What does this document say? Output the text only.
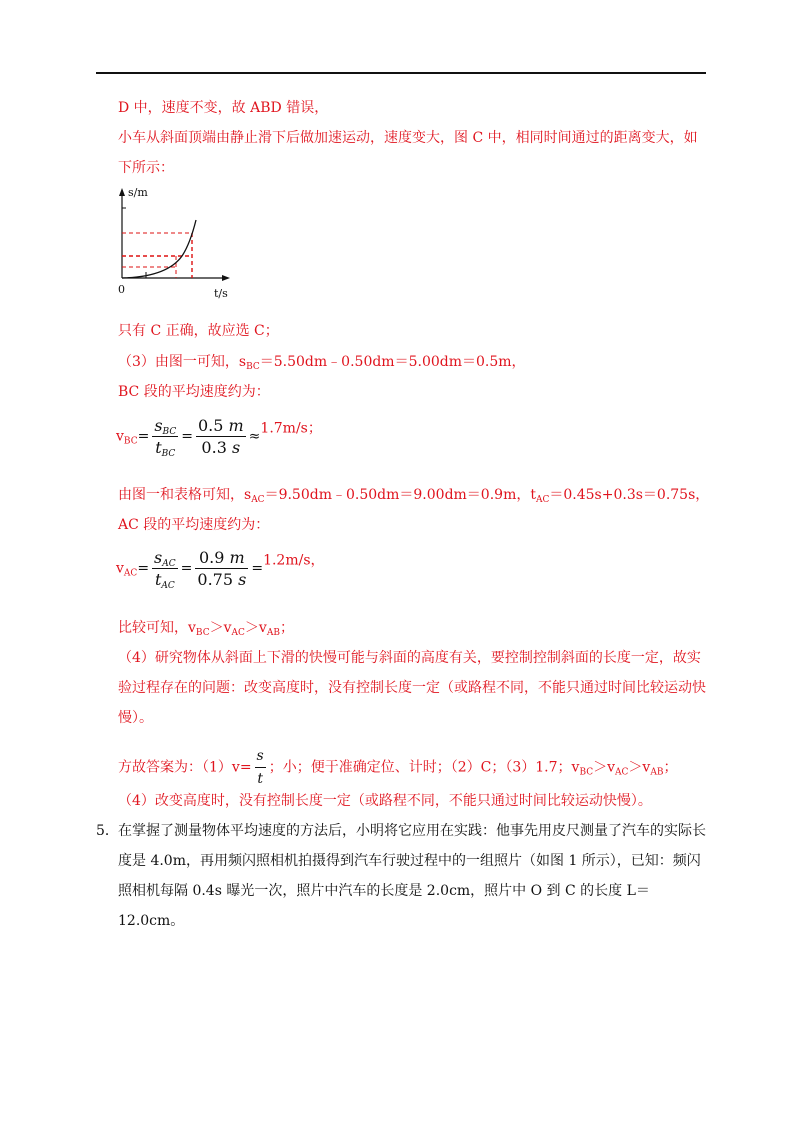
D 中，速度不变，故 ABD 错误，
小车从斜面顶端由静止滑下后做加速运动，速度变大，图 C 中，相同时间通过的距离变大，如
下所示：
s/m
t/s
0
只有 C 正确，故应选 C；
（3）由图一可知，$s_{BC}=5.50dm﹣0.50dm=5.00dm=0.5m$，
BC 段的平均速度约为：
$v_{BC}= \frac{s_{BC}}{t_{BC}} = \frac{0.5 m}{0.3 s} \approx 1.7m/s$；
由图一和表格可知，$s_{AC}=9.50dm﹣0.50dm=9.00dm=0.9m$，$t_{AC}=0.45s+0.3s=0.75s$，
AC 段的平均速度约为：
$v_{AC}= \frac{s_{AC}}{t_{AC}} = \frac{0.9 m}{0.75 s} =1.2m/s$，
比较可知，$v_{BC}>v_{AC}>v_{AB}$；
（4）研究物体从斜面上下滑的快慢可能与斜面的高度有关，要控制控制斜面的长度一定，故实验过程存在的问题：改变高度时，没有控制长度一定（或路程不同，不能只通过时间比较运动快慢）。
方故答案为：$(1)v= \frac{s}{t}$ ；小；便于准确定位、计时；（2）C；（3）1.7；$v_{BC}>v_{AC}>v_{AB}$；
（4）改变高度时，没有控制长度一定（或路程不同，不能只通过时间比较运动快慢）。
5． 在掌握了测量物体平均速度的方法后，小明将它应用在实践：他事先用皮尺测量了汽车的实际长度是 4.0m，再用频闪照相机拍摄得到汽车行驶过程中的一组照片（如图 1 所示），已知：频闪照相机每隔 0.4s 曝光一次，照片中汽车的长度是 2.0cm，照片中 O 到 C 的长度 L＝12.0cm。
